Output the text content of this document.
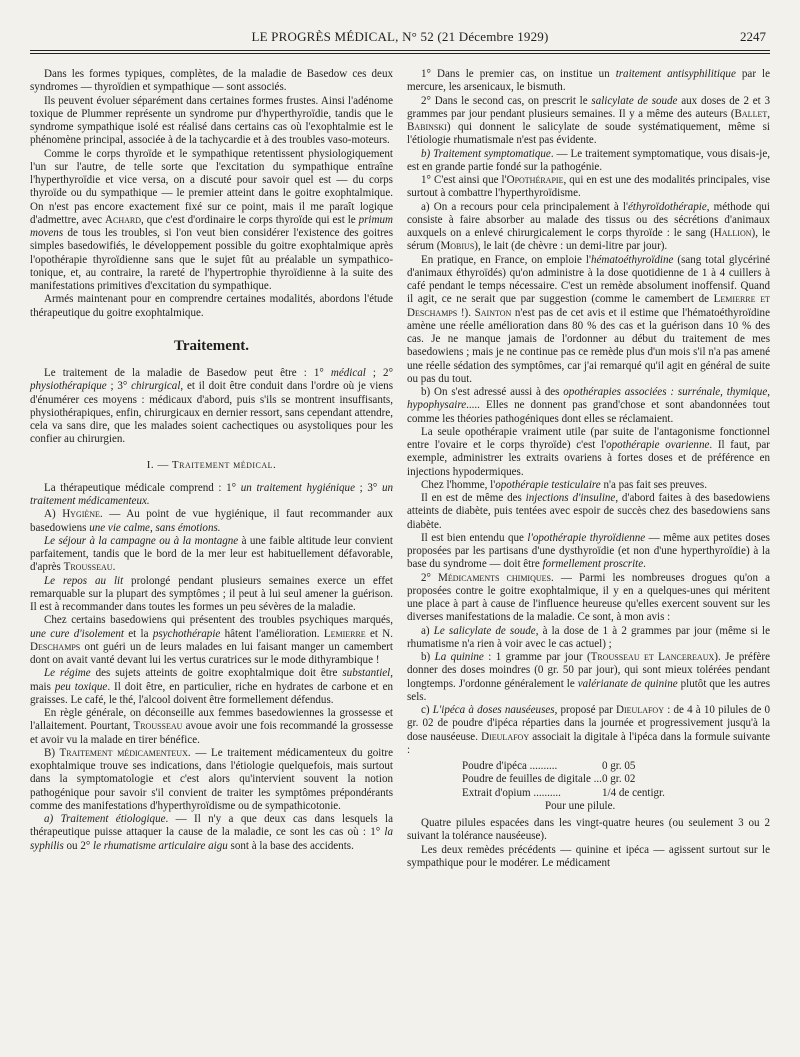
LE PROGRÈS MÉDICAL, N° 52 (21 Décembre 1929)	2247

Dans les formes typiques, complètes, de la maladie de Basedow ces deux syndromes — thyroïdien et sympathique — sont associés.

Ils peuvent évoluer séparément dans certaines formes frustes. Ainsi l'adénome toxique de Plummer représente un syndrome pur d'hyperthyroïdie, tandis que le syndrome sympathique isolé est réalisé dans certains cas où l'exophtalmie est le phénomène principal, associée à de la tachycardie et à des troubles vaso-moteurs.

Comme le corps thyroïde et le sympathique retentissent physiologiquement l'un sur l'autre, de telle sorte que l'excitation du sympathique entraîne l'hyperthyroïdie et vice versa, on a discuté pour savoir quel est — du corps thyroïde ou du sympathique — le premier atteint dans le goitre exophtalmique. On n'est pas encore exactement fixé sur ce point, mais il me paraît logique d'admettre, avec Achard, que c'est d'ordinaire le corps thyroïde qui est le primum movens de tous les troubles, si l'on veut bien considérer l'existence des goitres simples basedowifiés, le développement possible du goitre exophtalmique après l'opothérapie thyroïdienne sans que le sujet fût au préalable un sympathico-tonique, et, au contraire, la rareté de l'hypertrophie thyroïdienne à la suite des manifestations primitives d'excitation du sympathique.

Armés maintenant pour en comprendre certaines modalités, abordons l'étude thérapeutique du goitre exophtalmique.

Traitement.

Le traitement de la maladie de Basedow peut être : 1° médical ; 2° physiothérapique ; 3° chirurgical, et il doit être conduit dans l'ordre où je viens d'énumérer ces moyens : médicaux d'abord, puis s'ils se montrent insuffisants, physiothérapiques, enfin, chirurgicaux en dernier ressort, sans cependant attendre, cela va sans dire, que les malades soient cachectiques ou asystoliques pour les confier au chirurgien.

I. — Traitement médical.

La thérapeutique médicale comprend : 1° un traitement hygiénique ; 3° un traitement médicamenteux.

A) Hygiène. — Au point de vue hygiénique, il faut recommander aux basedowiens une vie calme, sans émotions.

Le séjour à la campagne ou à la montagne à une faible altitude leur convient parfaitement, tandis que le bord de la mer leur est habituellement défavorable, d'après Trousseau.

Le repos au lit prolongé pendant plusieurs semaines exerce un effet remarquable sur la plupart des symptômes ; il peut à lui seul amener la guérison. Il est à recommander dans toutes les formes un peu sévères de la maladie.

Chez certains basedowiens qui présentent des troubles psychiques marqués, une cure d'isolement et la psychothérapie hâtent l'amélioration. Lemierre et N. Deschamps ont guéri un de leurs malades en lui faisant manger un camembert dont on avait vanté devant lui les vertus curatrices sur le mode dithyrambique !

Le régime des sujets atteints de goitre exophtalmique doit être substantiel, mais peu toxique. Il doit être, en particulier, riche en hydrates de carbone et en graisses. Le café, le thé, l'alcool doivent être formellement défendus.

En règle générale, on déconseille aux femmes basedowiennes la grossesse et l'allaitement. Pourtant, Trousseau avoue avoir une fois recommandé la grossesse et avoir vu la malade en tirer bénéfice.

B) Traitement médicamenteux. — Le traitement médicamenteux du goitre exophtalmique trouve ses indications, dans l'étiologie quelquefois, mais surtout dans la symptomatologie et c'est alors qu'intervient souvent la notion pathogénique pour savoir s'il convient de traiter les symptômes prépondérants comme des manifestations d'hyperthyroïdisme ou de sympathicotonie.

a) Traitement étiologique. — Il n'y a que deux cas dans lesquels la thérapeutique puisse attaquer la cause de la maladie, ce sont les cas où : 1° la syphilis ou 2° le rhumatisme articulaire aigu sont à la base des accidents.

1° Dans le premier cas, on institue un traitement antisyphilitique par le mercure, les arsenicaux, le bismuth.

2° Dans le second cas, on prescrit le salicylate de soude aux doses de 2 et 3 grammes par jour pendant plusieurs semaines. Il y a même des auteurs (Ballet, Babinski) qui donnent le salicylate de soude systématiquement, même si l'étiologie rhumatismale n'est pas évidente.

b) Traitement symptomatique. — Le traitement symptomatique, vous disais-je, est en grande partie fondé sur la pathogénie.

1° C'est ainsi que l'Opothérapie, qui en est une des modalités principales, vise surtout à combattre l'hyperthyroïdisme.

a) On a recours pour cela principalement à l'éthyroïdothérapie, méthode qui consiste à faire absorber au malade des tissus ou des sécrétions d'animaux auxquels on a enlevé chirurgicalement le corps thyroïde : le sang (Hallion), le sérum (Mobius), le lait (de chèvre : un demi-litre par jour).

En pratique, en France, on emploie l'hématoéthyroïdine (sang total glycériné d'animaux éthyroïdés) qu'on administre à la dose quotidienne de 1 à 4 cuillers à café pendant le temps nécessaire. C'est un remède absolument inoffensif. Quand il agit, ce ne serait que par suggestion (comme le camembert de Lemierre et Deschamps !). Sainton n'est pas de cet avis et il estime que l'hématoéthyroïdine amène une réelle amélioration dans 80 % des cas et la guérison dans 10 % des cas. Je ne manque jamais de l'ordonner au début du traitement de mes basedowiens ; mais je ne continue pas ce remède plus d'un mois s'il n'a pas amené une réelle sédation des symptômes, car j'ai remarqué qu'il agit en général de suite ou pas du tout.

b) On s'est adressé aussi à des opothérapies associées : surrénale, thymique, hypophysaire..... Elles ne donnent pas grand'chose et sont abandonnées tout comme les théories pathogéniques dont elles se réclamaient.

La seule opothérapie vraiment utile (par suite de l'antagonisme fonctionnel entre l'ovaire et le corps thyroïde) c'est l'opothérapie ovarienne. Il faut, par exemple, administrer les extraits ovariens à fortes doses et de préférence en injections hypodermiques.

Chez l'homme, l'opothérapie testiculaire n'a pas fait ses preuves.

Il en est de même des injections d'insuline, d'abord faites à des basedowiens atteints de diabète, puis tentées avec espoir de succès chez des basedowiens sans diabète.

Il est bien entendu que l'opothérapie thyroïdienne — même aux petites doses proposées par les partisans d'une dysthyroïdie (et non d'une hyperthyroïdie) à la base du syndrome — doit être formellement proscrite.

2° Médicaments chimiques. — Parmi les nombreuses drogues qu'on a proposées contre le goitre exophtalmique, il y en a quelques-unes qui méritent une place à part à cause de l'influence heureuse qu'elles exercent souvent sur les diverses manifestations de la maladie. Ce sont, à mon avis :

a) Le salicylate de soude, à la dose de 1 à 2 grammes par jour (même si le rhumatisme n'a rien à voir avec le cas actuel) ;

b) La quinine : 1 gramme par jour (Trousseau et Lancereaux). Je préfère donner des doses moindres (0 gr. 50 par jour), qui sont mieux tolérées pendant longtemps. J'ordonne généralement le valérianate de quinine plutôt que les autres sels.

c) L'ipéca à doses nauséeuses, proposé par Dieulafoy : de 4 à 10 pilules de 0 gr. 02 de poudre d'ipéca réparties dans la journée et progressivement jusqu'à la dose nauséeuse. Dieulafoy associait la digitale à l'ipéca dans la formule suivante :

Poudre d'ipéca ..........	0 gr. 05
Poudre de feuilles de digitale ... 0 gr. 02
Extrait d'opium ..........	1/4 de centigr.
Pour une pilule.

Quatre pilules espacées dans les vingt-quatre heures (ou seulement 3 ou 2 suivant la tolérance nauséeuse).

Les deux remèdes précédents — quinine et ipéca — agissent surtout sur le sympathique pour le modérer. Le médicament
